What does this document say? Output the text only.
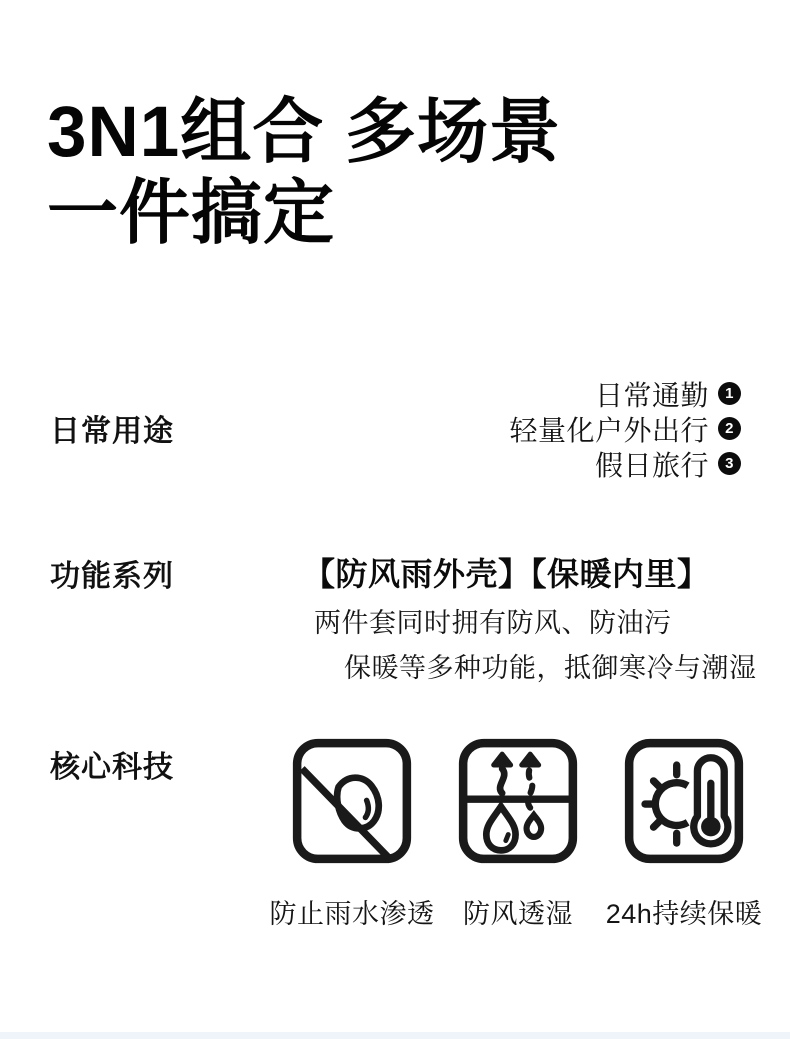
3N1组合 多场景
一件搞定
日常用途
日常通勤	1
轻量化户外出行	2
假日旅行	3
功能系列	【防风雨外壳】【保暖内里】
两件套同时拥有防风、防油污
保暖等多种功能，抵御寒冷与潮湿
核心科技
防止雨水渗透 防风透湿 24h持续保暖
